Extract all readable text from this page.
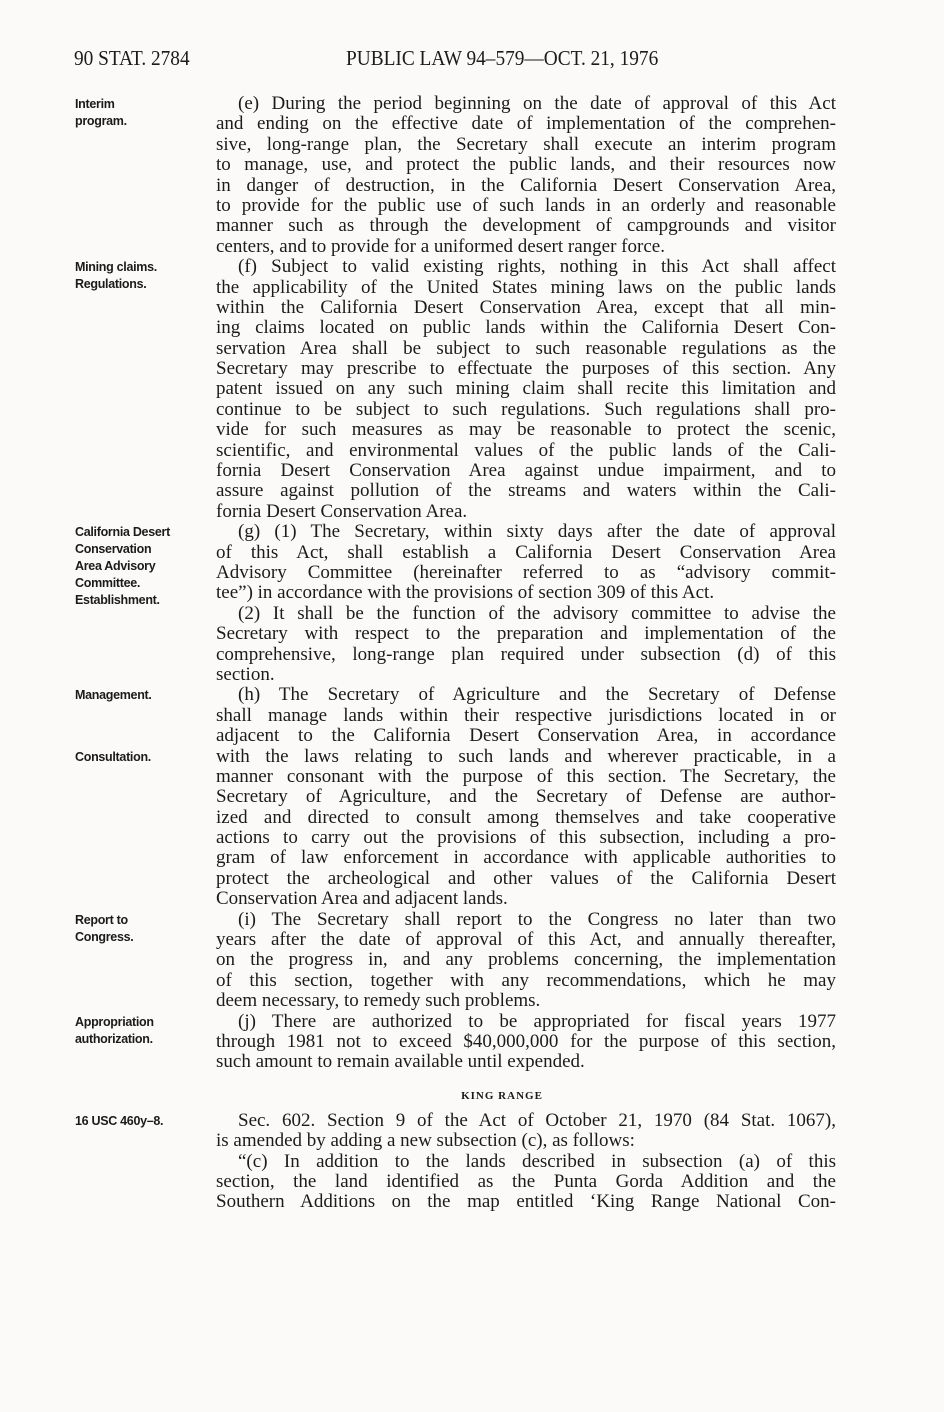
90 STAT. 2784	PUBLIC LAW 94–579—OCT. 21, 1976
Interim
program.
(e) During the period beginning on the date of approval of this Act
and ending on the effective date of implementation of the comprehen-
sive, long-range plan, the Secretary shall execute an interim program
to manage, use, and protect the public lands, and their resources now
in danger of destruction, in the California Desert Conservation Area,
to provide for the public use of such lands in an orderly and reasonable
manner such as through the development of campgrounds and visitor
centers, and to provide for a uniformed desert ranger force.
Mining claims.
Regulations.
(f) Subject to valid existing rights, nothing in this Act shall affect
the applicability of the United States mining laws on the public lands
within the California Desert Conservation Area, except that all min-
ing claims located on public lands within the California Desert Con-
servation Area shall be subject to such reasonable regulations as the
Secretary may prescribe to effectuate the purposes of this section. Any
patent issued on any such mining claim shall recite this limitation and
continue to be subject to such regulations. Such regulations shall pro-
vide for such measures as may be reasonable to protect the scenic,
scientific, and environmental values of the public lands of the Cali-
fornia Desert Conservation Area against undue impairment, and to
assure against pollution of the streams and waters within the Cali-
fornia Desert Conservation Area.
California Desert
Conservation
Area Advisory
Committee.
Establishment.
(g) (1) The Secretary, within sixty days after the date of approval
of this Act, shall establish a California Desert Conservation Area
Advisory Committee (hereinafter referred to as “advisory commit-
tee”) in accordance with the provisions of section 309 of this Act.
(2) It shall be the function of the advisory committee to advise the
Secretary with respect to the preparation and implementation of the
comprehensive, long-range plan required under subsection (d) of this
section.
Management.	(h) The Secretary of Agriculture and the Secretary of Defense
shall manage lands within their respective jurisdictions located in or
adjacent to the California Desert Conservation Area, in accordance
Consultation.	with the laws relating to such lands and wherever practicable, in a
manner consonant with the purpose of this section. The Secretary, the
Secretary of Agriculture, and the Secretary of Defense are author-
ized and directed to consult among themselves and take cooperative
actions to carry out the provisions of this subsection, including a pro-
gram of law enforcement in accordance with applicable authorities to
protect the archeological and other values of the California Desert
Conservation Area and adjacent lands.
Report to
Congress.
(i) The Secretary shall report to the Congress no later than two
years after the date of approval of this Act, and annually thereafter,
on the progress in, and any problems concerning, the implementation
of this section, together with any recommendations, which he may
deem necessary, to remedy such problems.
Appropriation
authorization.
(j) There are authorized to be appropriated for fiscal years 1977
through 1981 not to exceed $40,000,000 for the purpose of this section,
such amount to remain available until expended.
KING RANGE
16 USC 460y–8.	Sec. 602. Section 9 of the Act of October 21, 1970 (84 Stat. 1067),
is amended by adding a new subsection (c), as follows:
“(c) In addition to the lands described in subsection (a) of this
section, the land identified as the Punta Gorda Addition and the
Southern Additions on the map entitled ‘King Range National Con-
